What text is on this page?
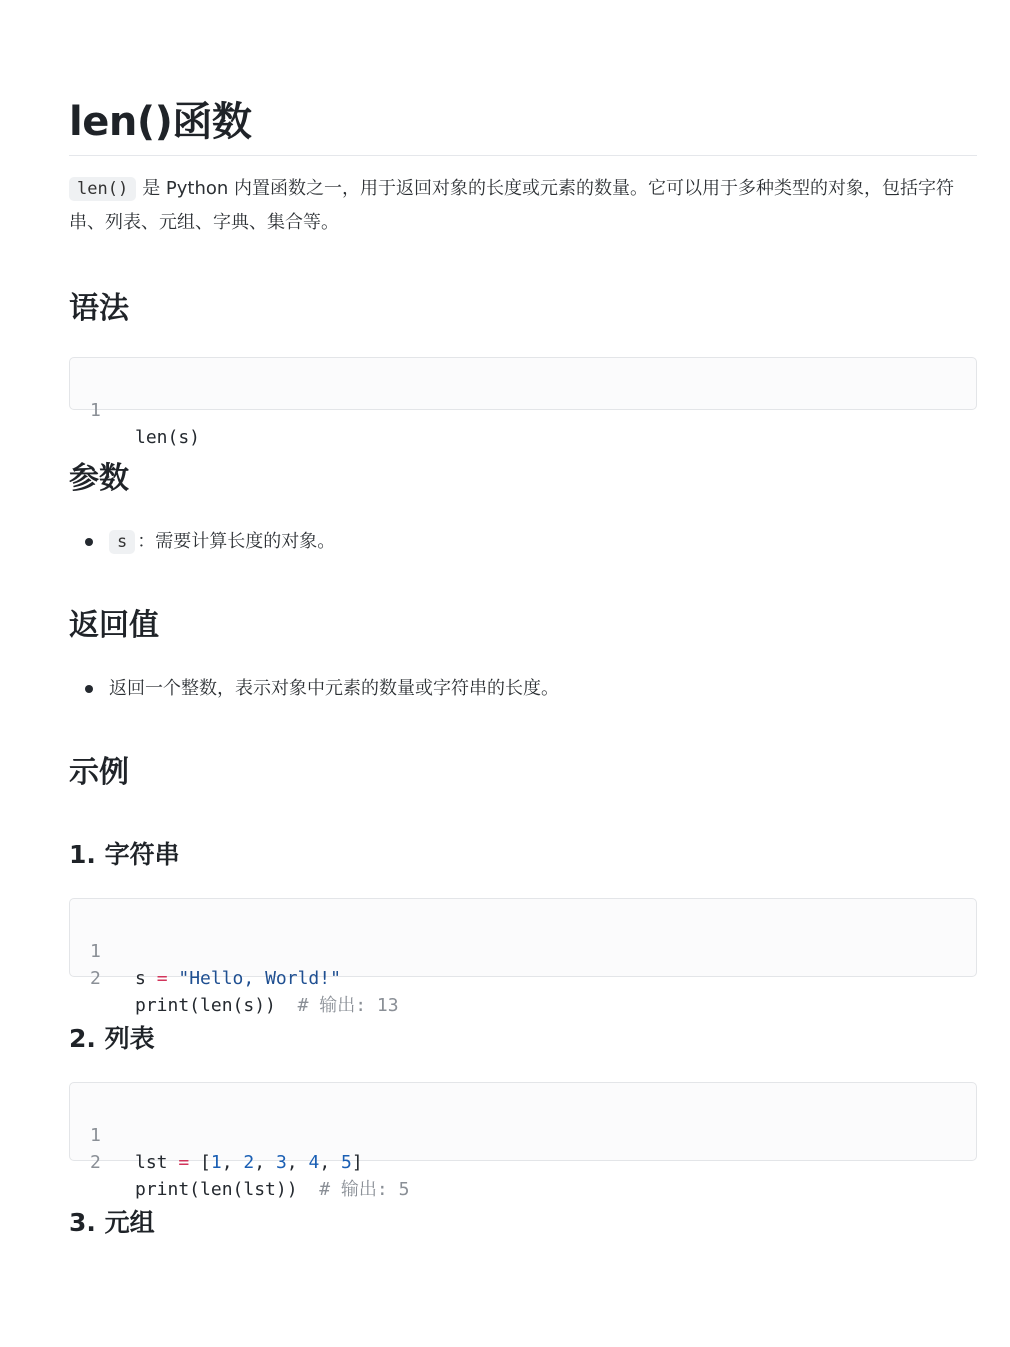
len()函数

len() 是 Python 内置函数之一，用于返回对象的长度或元素的数量。它可以用于多种类型的对象，包括字符串、列表、元组、字典、集合等。

语法

1

len(s)

参数
s ：需要计算长度的对象。
返回值
返回一个整数，表示对象中元素的数量或字符串的长度。
示例
1. 字符串

1

s = "Hello, World!"

2

print(len(s)) # 输出: 13

2. 列表

1

lst = [1, 2, 3, 4, 5]

2

print(len(lst)) # 输出: 5

3. 元组
